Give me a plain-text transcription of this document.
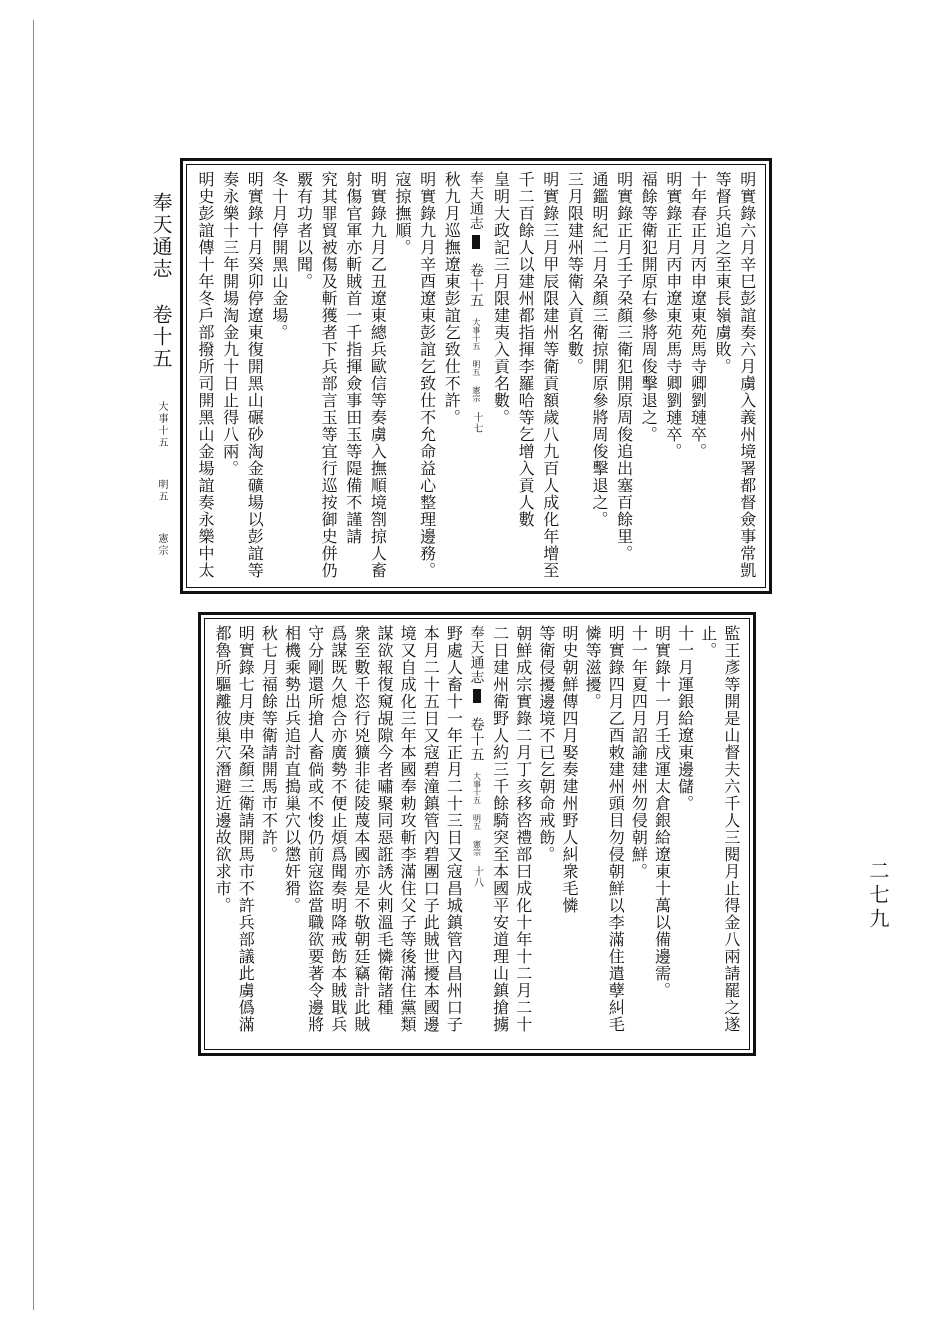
奉天通志 卷十五 大事十五 明五 憲宗
二七九
明實錄六月辛巳彭誼奏六月虜入義州境署都督僉事常凱
等督兵追之至東長嶺虜敗。
十年春正月丙申遼東苑馬寺卿劉璉卒。
明實錄正月丙申遼東苑馬寺卿劉璉卒。
福餘等衛犯開原右參將周俊擊退之。
明實錄正月壬子朶顏三衛犯開原周俊追出塞百餘里。
通鑑明紀二月朶顏三衛掠開原參將周俊擊退之。
三月限建州等衛入貢名數。
明實錄三月甲辰限建州等衛貢額歲八九百人成化年增至
千二百餘人以建州都指揮李羅哈等乞增入貢人數
皇明大政記三月限建夷入貢名數。
奉天通志卷十五大事十五明五憲宗十七
秋九月巡撫遼東彭誼乞致仕不許。
明實錄九月辛酉遼東彭誼乞致仕不允命益心整理邊務。
寇掠撫順。
明實錄九月乙丑遼東總兵歐信等奏虜入撫順境劄掠人畜
射傷官軍亦斬賊首一千指揮僉事田玉等隄備不謹請
究其罪貿被傷及斬獲者下兵部言玉等宜行巡按御史併仍
覈有功者以聞。
冬十月停開黑山金場。
明實錄十月癸卯停遼東復開黑山碾砂淘金礦場以彭誼等
奏永樂十三年開場淘金九十日止得八兩。
明史彭誼傳十年冬戶部撥所司開黑山金場誼奏永樂中太
監王彥等開是山督夫六千人三閱月止得金八兩請罷之遂
止。
十一月運銀給遼東邊儲。
明實錄十一月壬戌運太倉銀給遼東十萬以備邊需。
十一年夏四月詔諭建州勿侵朝鮮。
明實錄四月乙酉敕建州頭目勿侵朝鮮以李滿住遣孽糾毛
憐等滋擾。
明史朝鮮傳四月娶奏建州野人糾衆毛憐
等衛侵擾邊境不已乞朝命戒飭。
朝鮮成宗實錄二月丁亥移咨禮部曰成化十年十二月二十
二日建州衛野人約三千餘騎突至本國平安道理山鎮搶擄
奉天通志卷十五大事十五明五憲宗十八
野處人畜十一年正月二十三日又寇昌城鎮管內昌州口子
本月二十五日又寇碧潼鎮管內碧團口子此賊世擾本國邊
境又自成化三年本國奉勅攻斬李滿住父子等後滿住黨類
謀欲報復窺覘隙今者嘯聚同惡誑誘火剌溫毛憐衛諸種
衆至數千恣行兇獷非徒陵蔑本國亦是不敬朝廷竊計此賊
爲謀既久熄合亦廣勢不便止煩爲聞奏明降戒飭本賊戢兵
守分剛還所搶人畜倘或不悛仍前寇盜當職欲要著令邊將
相機乘勢出兵追討直搗巢穴以懲奸猾。
秋七月福餘等衛請開馬市不許。
明實錄七月庚申朶顏三衛請開馬市不許兵部議此虜僞滿
都魯所驅離彼巢穴潛避近邊故欲求市。
